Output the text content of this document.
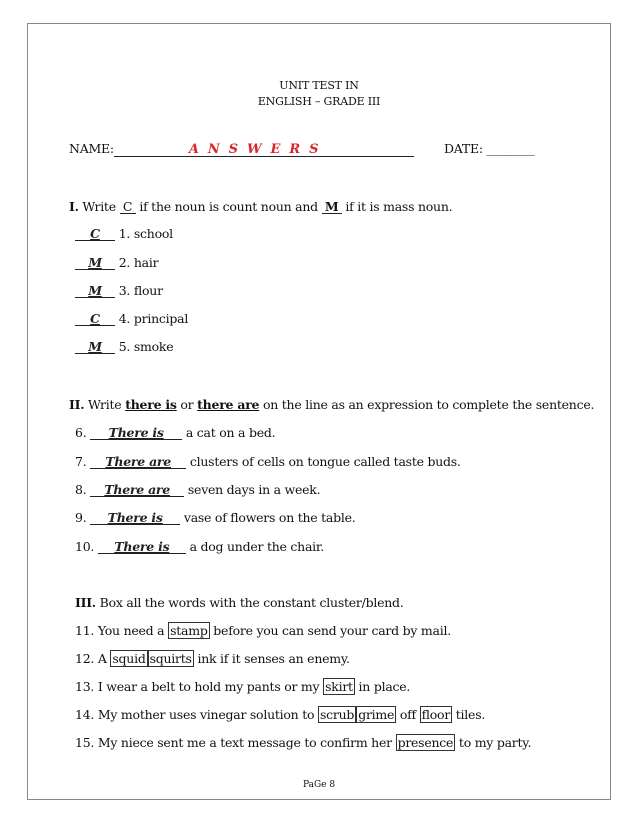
UNIT TEST IN
ENGLISH – GRADE III
NAME:	A N S W E R S	DATE: ________
I. Write C if the noun is count noun and M if it is mass noun.
C 1. school
M 2. hair
M 3. flour
C 4. principal
M 5. smoke
II. Write there is or there are on the line as an expression to complete the sentence.
6. There is a cat on a bed.
7. There are clusters of cells on tongue called taste buds.
8. There are seven days in a week.
9. There is vase of flowers on the table.
10. There is a dog under the chair.
III. Box all the words with the constant cluster/blend.
11. You need a stamp before you can send your card by mail.
12. A squid squirts ink if it senses an enemy.
13. I wear a belt to hold my pants or my skirt in place.
14. My mother uses vinegar solution to scrub grime off floor tiles.
15. My niece sent me a text message to confirm her presence to my party.
PaGe 8
